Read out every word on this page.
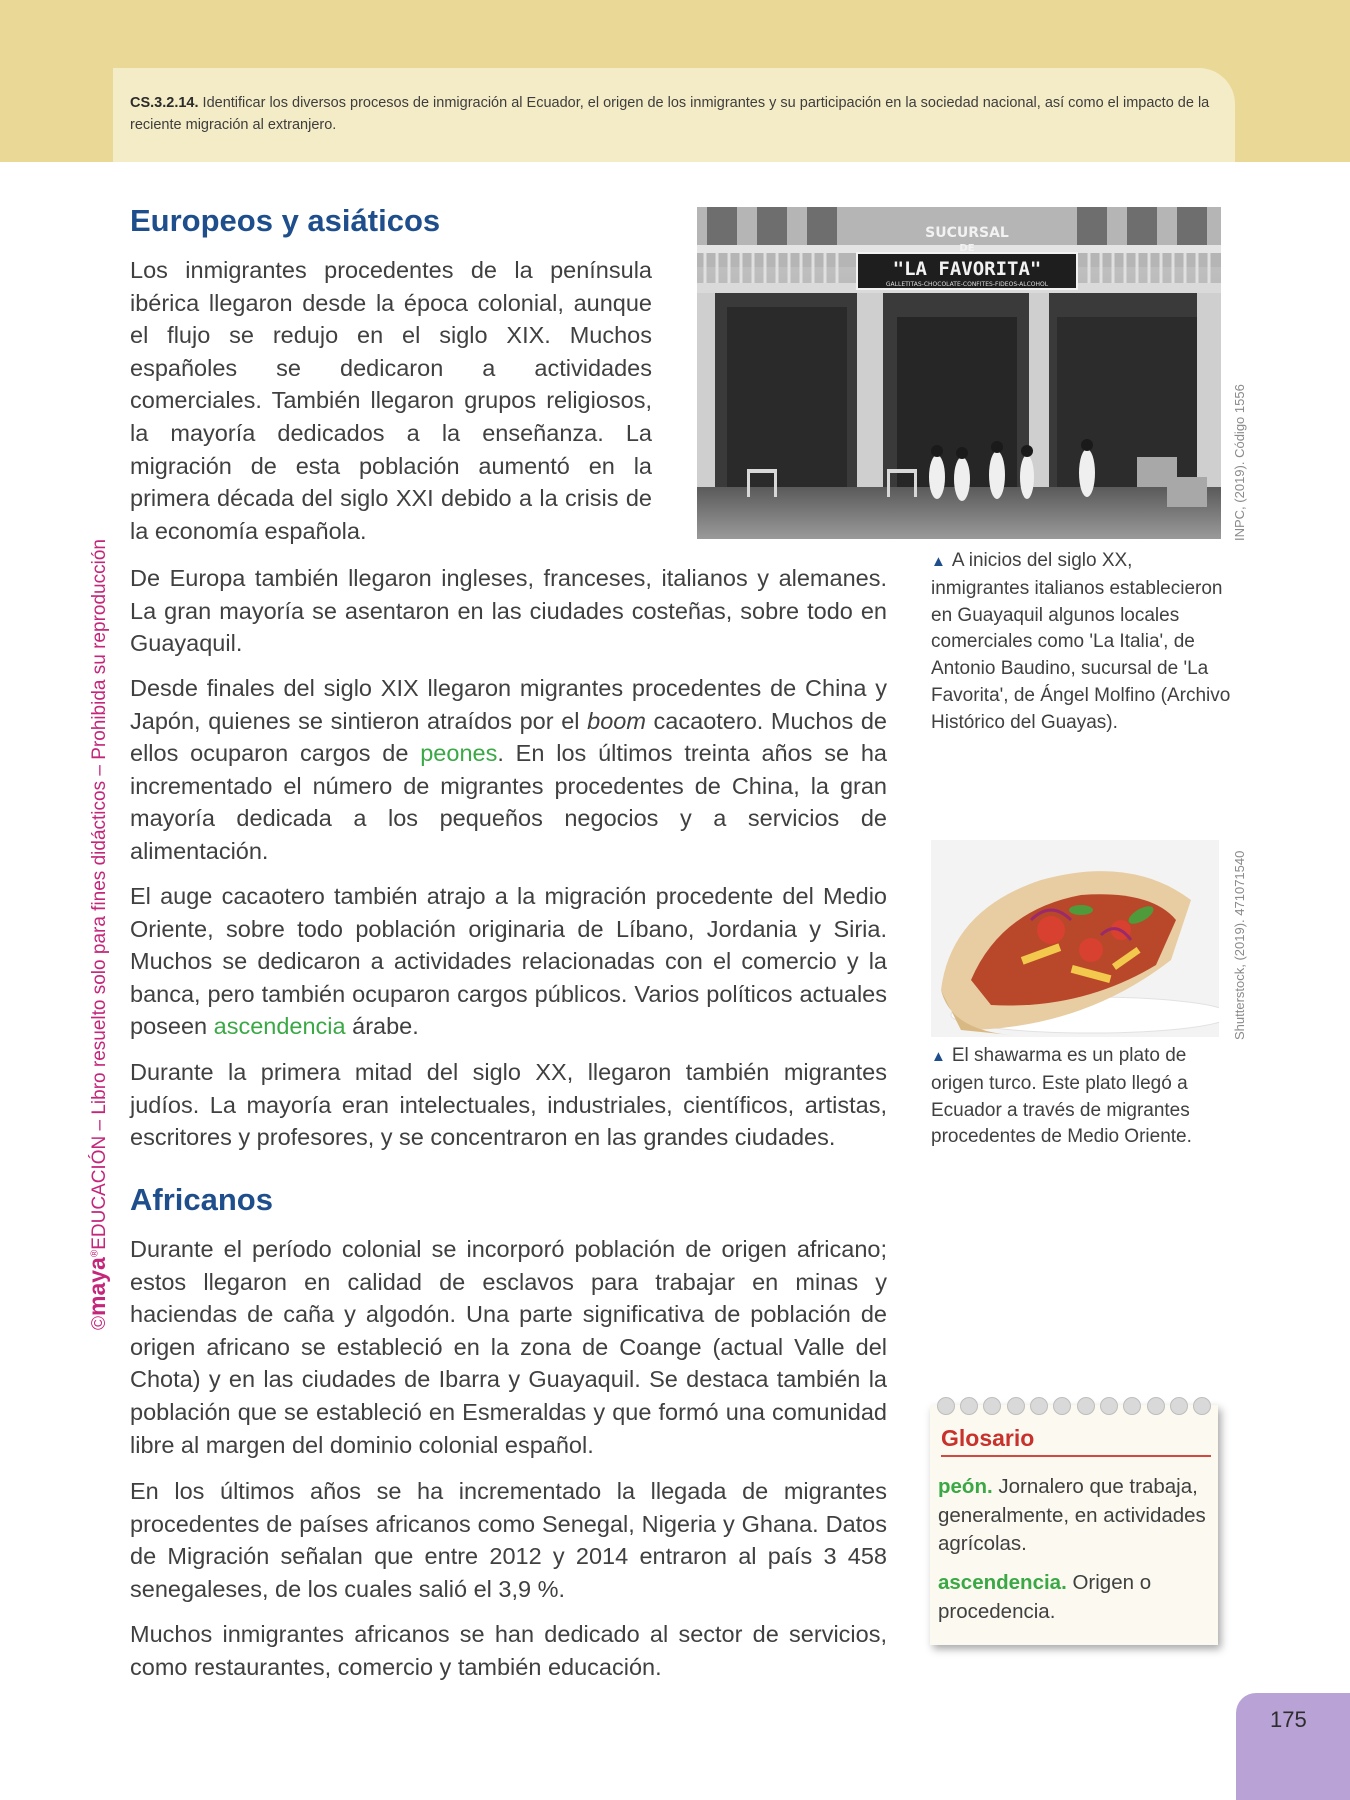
CS.3.2.14. Identificar los diversos procesos de inmigración al Ecuador, el origen de los inmigrantes y su participación en la sociedad nacional, así como el impacto de la reciente migración al extranjero.
©maya®EDUCACIÓN – Libro resuelto solo para fines didácticos – Prohibida su reproducción
Europeos y asiáticos

Los inmigrantes procedentes de la península ibérica llegaron desde la época colonial, aunque el flujo se redujo en el siglo XIX. Muchos españoles se dedicaron a actividades comerciales. También llegaron grupos religiosos, la mayoría dedicados a la enseñanza. La migración de esta población aumentó en la primera década del siglo XXI debido a la crisis de la economía española.

SUCURSAL
DE
"LA FAVORITA"
GALLETITAS-CHOCOLATE-CONFITES-FIDEOS-ALCOHOL
INPC, (2019). Código 1556

De Europa también llegaron ingleses, franceses, italianos y alemanes. La gran mayoría se asentaron en las ciudades costeñas, sobre todo en Guayaquil.

Desde finales del siglo XIX llegaron migrantes procedentes de China y Japón, quienes se sintieron atraídos por el boom cacaotero. Muchos de ellos ocuparon cargos de peones. En los últimos treinta años se ha incrementado el número de migrantes procedentes de China, la gran mayoría dedicada a los pequeños negocios y a servicios de alimentación.

El auge cacaotero también atrajo a la migración procedente del Medio Oriente, sobre todo población originaria de Líbano, Jordania y Siria. Muchos se dedicaron a actividades relacionadas con el comercio y la banca, pero también ocuparon cargos públicos. Varios políticos actuales poseen ascendencia árabe.

Durante la primera mitad del siglo XX, llegaron también migrantes judíos. La mayoría eran intelectuales, industriales, científicos, artistas, escritores y profesores, y se concentraron en las grandes ciudades.

▲ A inicios del siglo XX, inmigrantes italianos establecieron en Guayaquil algunos locales comerciales como 'La Italia', de Antonio Baudino, sucursal de 'La Favorita', de Ángel Molfino (Archivo Histórico del Guayas).
Shutterstock, (2019). 471071540
▲ El shawarma es un plato de origen turco. Este plato llegó a Ecuador a través de migrantes procedentes de Medio Oriente.
Africanos

Durante el período colonial se incorporó población de origen africano; estos llegaron en calidad de esclavos para trabajar en minas y haciendas de caña y algodón. Una parte significativa de población de origen africano se estableció en la zona de Coange (actual Valle del Chota) y en las ciudades de Ibarra y Guayaquil. Se destaca también la población que se estableció en Esmeraldas y que formó una comunidad libre al margen del dominio colonial español.

En los últimos años se ha incrementado la llegada de migrantes procedentes de países africanos como Senegal, Nigeria y Ghana. Datos de Migración señalan que entre 2012 y 2014 entraron al país 3 458 senegaleses, de los cuales salió el 3,9 %.

Muchos inmigrantes africanos se han dedicado al sector de servicios, como restaurantes, comercio y también educación.

Glosario
peón. Jornalero que trabaja, generalmente, en actividades agrícolas.
ascendencia. Origen o procedencia.
175
